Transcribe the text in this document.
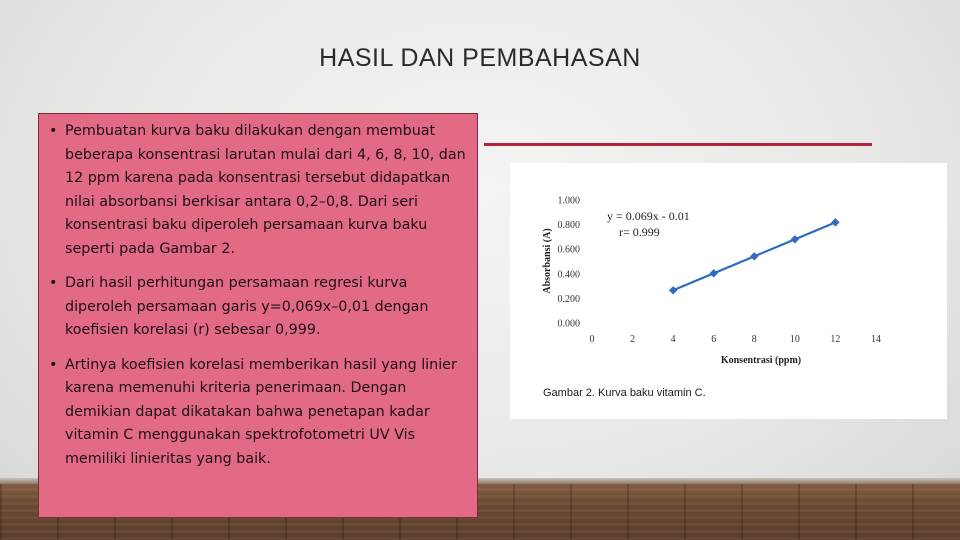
HASIL DAN PEMBAHASAN
• Pembuatan kurva baku dilakukan dengan membuat beberapa konsentrasi larutan mulai dari 4, 6, 8, 10, dan 12 ppm karena pada konsentrasi tersebut didapatkan nilai absorbansi berkisar antara 0,2–0,8. Dari seri konsentrasi baku diperoleh persamaan kurva baku seperti pada Gambar 2.
• Dari hasil perhitungan persamaan regresi kurva diperoleh persamaan garis y=0,069x–0,01 dengan koefisien korelasi (r) sebesar 0,999.
• Artinya koefisien korelasi memberikan hasil yang linier karena memenuhi kriteria penerimaan. Dengan demikian dapat dikatakan bahwa penetapan kadar vitamin C menggunakan spektrofotometri UV Vis memiliki linieritas yang baik.
0.000
0.200
0.400
0.600
0.800
1.000
0	2	4	6	8	10	12	14
y = 0.069x - 0.01
r= 0.999
Konsentrasi (ppm)
Absorbansi (A)
Gambar 2. Kurva baku vitamin C.
